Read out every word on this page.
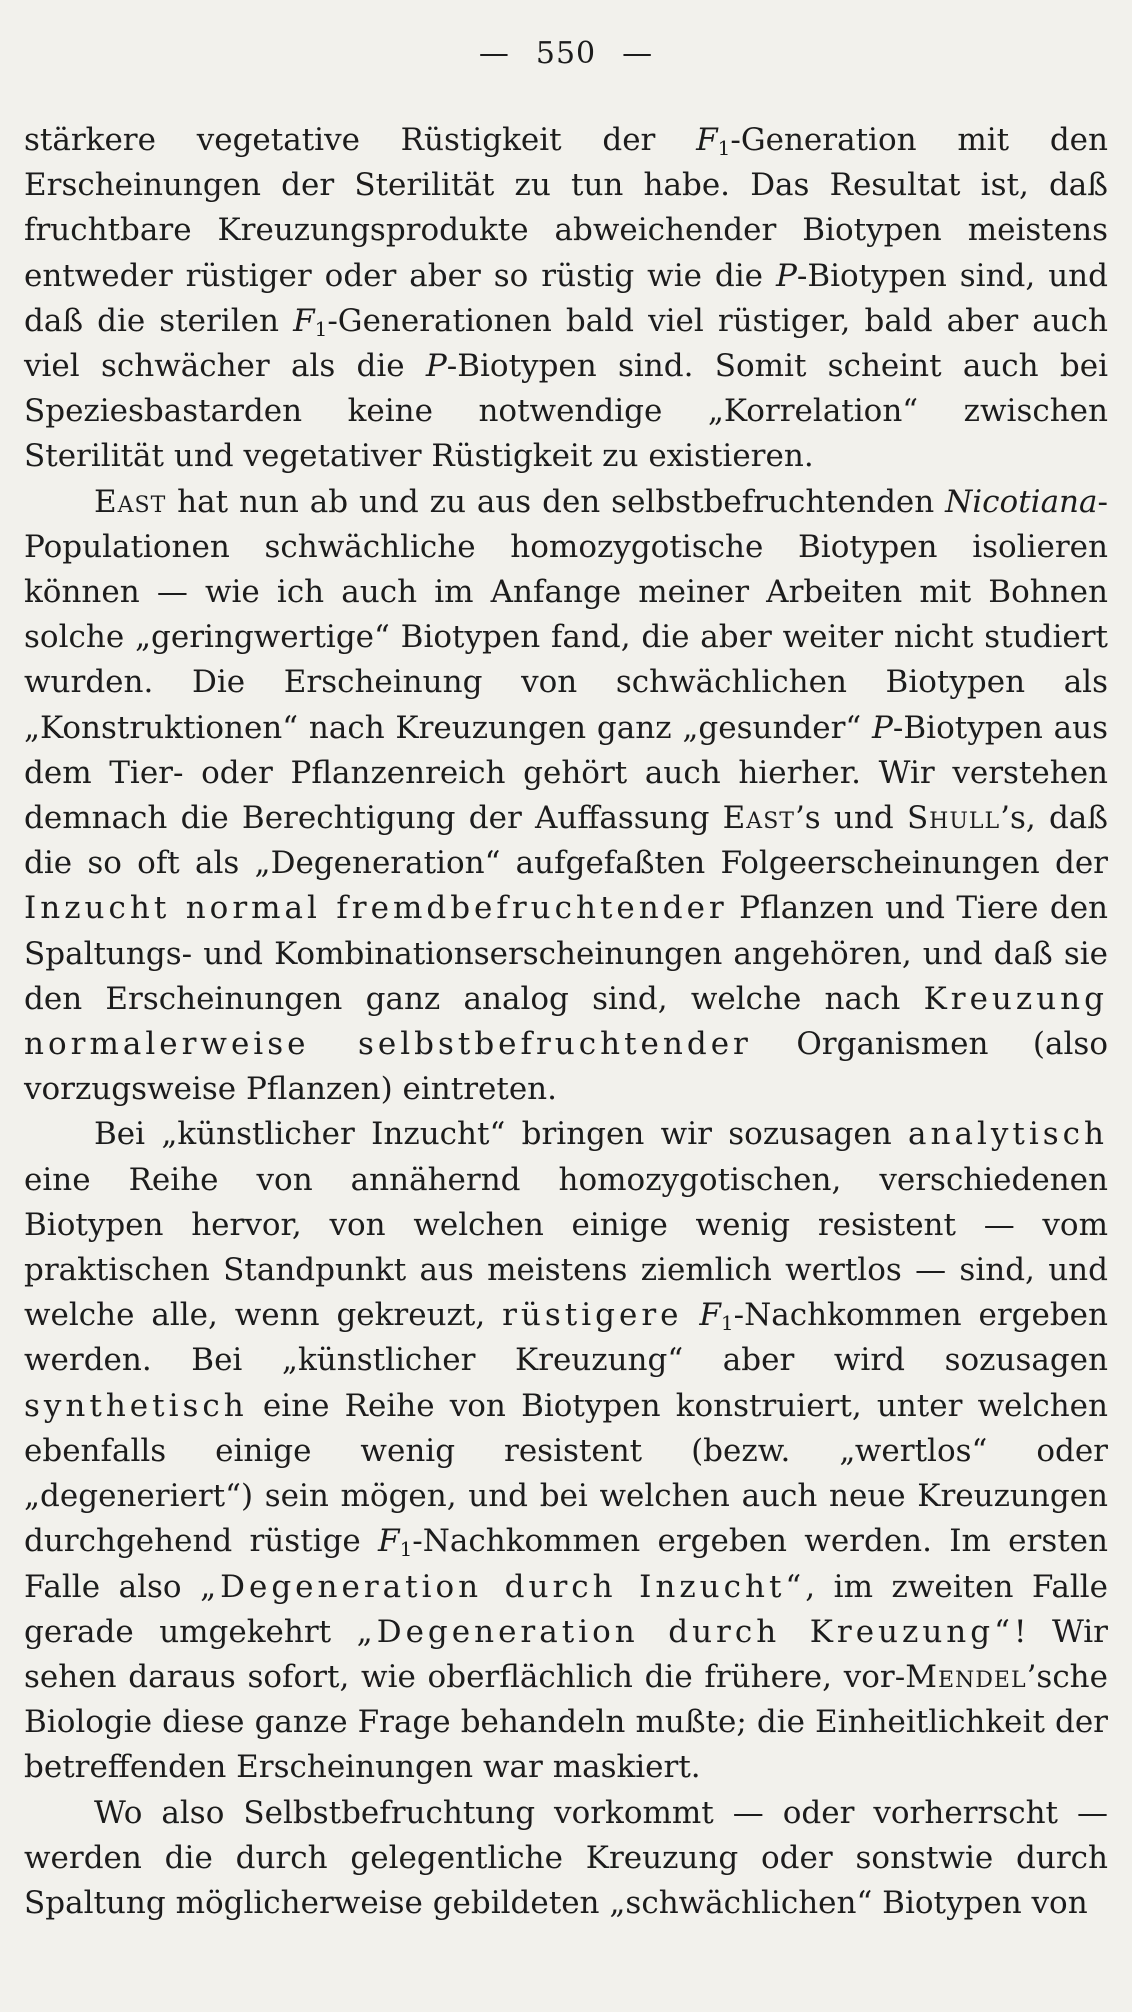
— 550 —

stärkere vegetative Rüstigkeit der $F_1$-Generation mit den Erscheinungen der Sterilität zu tun habe. Das Resultat ist, daß fruchtbare Kreuzungsprodukte abweichender Biotypen meistens entweder rüstiger oder aber so rüstig wie die P-Biotypen sind, und daß die sterilen $F_1$-Generationen bald viel rüstiger, bald aber auch viel schwächer als die P-Biotypen sind. Somit scheint auch bei Speziesbastarden keine notwendige „Korrelation“ zwischen Sterilität und vegetativer Rüstigkeit zu existieren.

East hat nun ab und zu aus den selbstbefruchtenden Nicotiana-Populationen schwächliche homozygotische Biotypen isolieren können — wie ich auch im Anfange meiner Arbeiten mit Bohnen solche „geringwertige“ Biotypen fand, die aber weiter nicht studiert wurden. Die Erscheinung von schwächlichen Biotypen als „Konstruktionen“ nach Kreuzungen ganz „gesunder“ P-Biotypen aus dem Tier- oder Pflanzenreich gehört auch hierher. Wir verstehen demnach die Berechtigung der Auffassung East’s und Shull’s, daß die so oft als „Degeneration“ aufgefaßten Folgeerscheinungen der Inzucht normal fremdbefruchtender Pflanzen und Tiere den Spaltungs- und Kombinationserscheinungen angehören, und daß sie den Erscheinungen ganz analog sind, welche nach Kreuzung normalerweise selbstbefruchtender Organismen (also vorzugsweise Pflanzen) eintreten.

Bei „künstlicher Inzucht“ bringen wir sozusagen analytisch eine Reihe von annähernd homozygotischen, verschiedenen Biotypen hervor, von welchen einige wenig resistent — vom praktischen Standpunkt aus meistens ziemlich wertlos — sind, und welche alle, wenn gekreuzt, rüstigere $F_1$-Nachkommen ergeben werden. Bei „künstlicher Kreuzung“ aber wird sozusagen synthetisch eine Reihe von Biotypen konstruiert, unter welchen ebenfalls einige wenig resistent (bezw. „wertlos“ oder „degeneriert“) sein mögen, und bei welchen auch neue Kreuzungen durchgehend rüstige $F_1$-Nachkommen ergeben werden. Im ersten Falle also „Degeneration durch Inzucht“, im zweiten Falle gerade umgekehrt „Degeneration durch Kreuzung“! Wir sehen daraus sofort, wie oberflächlich die frühere, vor-Mendel’sche Biologie diese ganze Frage behandeln mußte; die Einheitlichkeit der betreffenden Erscheinungen war maskiert.

Wo also Selbstbefruchtung vorkommt — oder vorherrscht — werden die durch gelegentliche Kreuzung oder sonstwie durch Spaltung möglicherweise gebildeten „schwächlichen“ Biotypen von
